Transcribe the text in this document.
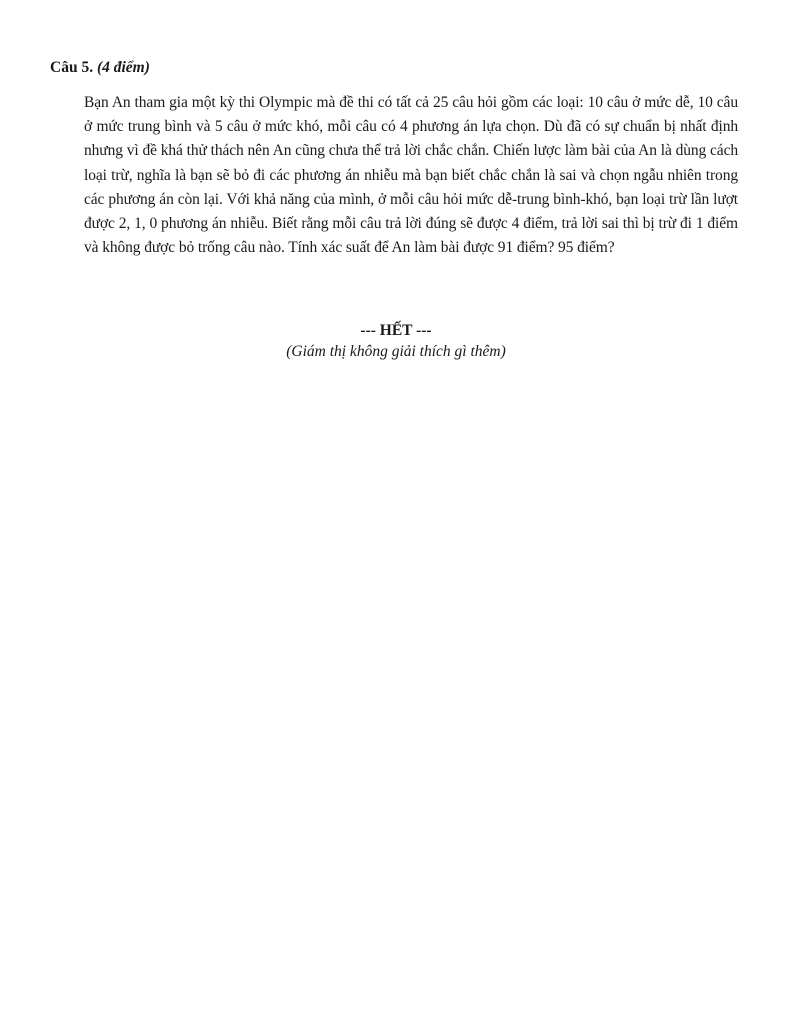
Câu 5. (4 điểm)

Bạn An tham gia một kỳ thi Olympic mà đề thi có tất cả 25 câu hỏi gồm các loại: 10 câu ở mức dễ, 10 câu ở mức trung bình và 5 câu ở mức khó, mỗi câu có 4 phương án lựa chọn. Dù đã có sự chuẩn bị nhất định nhưng vì đề khá thử thách nên An cũng chưa thể trả lời chắc chắn. Chiến lược làm bài của An là dùng cách loại trừ, nghĩa là bạn sẽ bỏ đi các phương án nhiễu mà bạn biết chắc chắn là sai và chọn ngẫu nhiên trong các phương án còn lại. Với khả năng của mình, ở mỗi câu hỏi mức dễ-trung bình-khó, bạn loại trừ lần lượt được 2, 1, 0 phương án nhiễu. Biết rằng mỗi câu trả lời đúng sẽ được 4 điểm, trả lời sai thì bị trừ đi 1 điểm và không được bỏ trống câu nào. Tính xác suất để An làm bài được 91 điểm? 95 điểm?

--- HẾT ---
(Giám thị không giải thích gì thêm)
